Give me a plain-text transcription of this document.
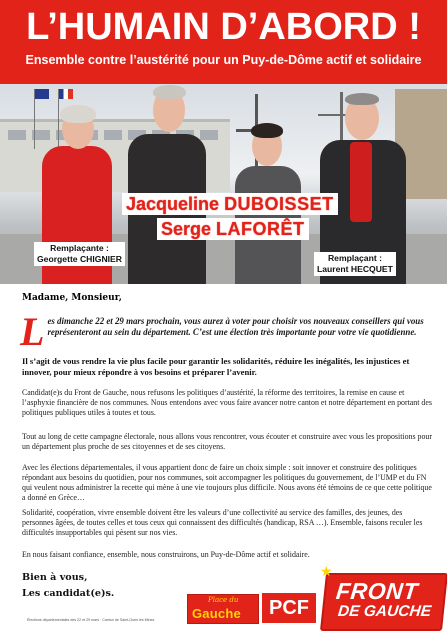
L’HUMAIN D’ABORD !
Ensemble contre l’austérité pour un Puy-de-Dôme actif et solidaire
Jacqueline DUBOISSET
Serge LAFORÊT
Remplaçante :
Georgette CHIGNIER	Remplaçant :
Laurent HECQUET
Madame, Monsieur,
Les dimanche 22 et 29 mars prochain, vous aurez à voter pour choisir vos nouveaux conseillers qui vous représenteront au sein du département. C’est une élection très importante pour votre vie quotidienne.
Il s’agit de vous rendre la vie plus facile pour garantir les solidarités, réduire les inégalités, les injustices et innover, pour mieux répondre à vos besoins et préparer l’avenir.
Candidat(e)s du Front de Gauche, nous refusons les politiques d’austérité, la réforme des territoires, la remise en cause et l’asphyxie financière de nos communes. Nous entendons avec vous faire avancer notre canton et notre département en portant des politiques publiques utiles à toutes et tous.
Tout au long de cette campagne électorale, nous allons vous rencontrer, vous écouter et construire avec vous les propositions pour un département plus proche de ses citoyennes et de ses citoyens.
Avec les élections départementales, il vous appartient donc de faire un choix simple : soit innover et construire des politiques répondant aux besoins du quotidien, pour nos communes, soit accompagner les politiques du gouvernement, de l’UMP et du FN qui veulent nous administrer la recette qui mène à une vie toujours plus difficile. Nous avons été témoins de ce que cette politique a donné en Grèce…
Solidarité, coopération, vivre ensemble doivent être les valeurs d’une collectivité au service des familles, des jeunes, des personnes âgées, de toutes celles et tous ceux qui connaissent des difficultés (handicap, RSA …). Ensemble, faisons reculer les difficultés insupportables qui pèsent sur nos vies.
En nous faisant confiance, ensemble, nous construirons, un Puy-de-Dôme actif et solidaire.
Bien à vous,
Les candidat(e)s.
Élections départementales des 22 et 29 mars · Canton de Saint-Ouen les Mines
Place du
Gauche	PCF
FRONT
DE GAUCHE
★
